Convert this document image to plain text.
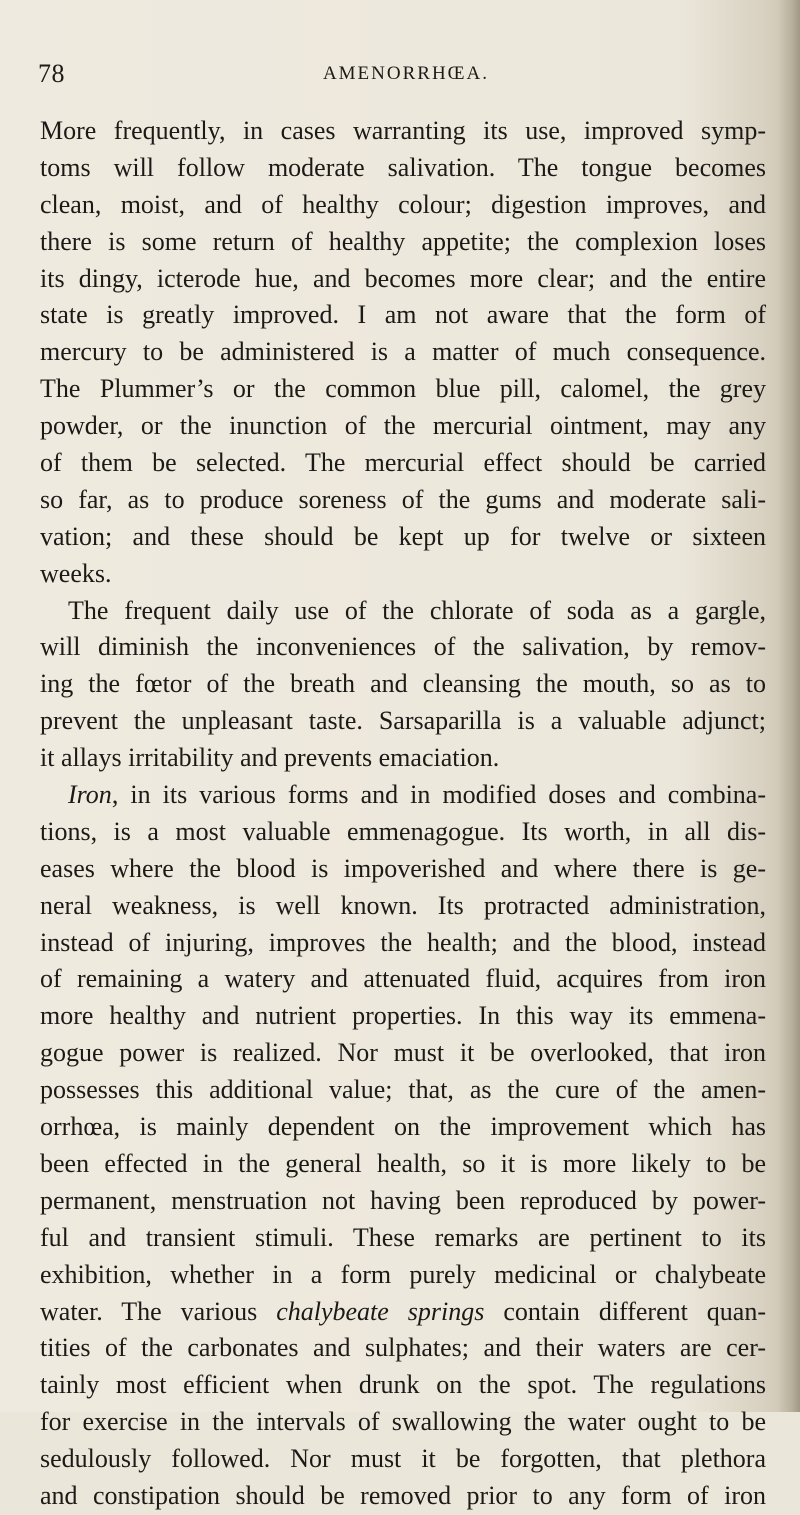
78	AMENORRHŒA.
More frequently, in cases warranting its use, improved symp-
toms will follow moderate salivation. The tongue becomes
clean, moist, and of healthy colour; digestion improves, and
there is some return of healthy appetite; the complexion loses
its dingy, icterode hue, and becomes more clear; and the entire
state is greatly improved. I am not aware that the form of
mercury to be administered is a matter of much consequence.
The Plummer’s or the common blue pill, calomel, the grey
powder, or the inunction of the mercurial ointment, may any
of them be selected. The mercurial effect should be carried
so far, as to produce soreness of the gums and moderate sali-
vation; and these should be kept up for twelve or sixteen
weeks.
The frequent daily use of the chlorate of soda as a gargle,
will diminish the inconveniences of the salivation, by remov-
ing the fœtor of the breath and cleansing the mouth, so as to
prevent the unpleasant taste. Sarsaparilla is a valuable adjunct;
it allays irritability and prevents emaciation.
Iron, in its various forms and in modified doses and combina-
tions, is a most valuable emmenagogue. Its worth, in all dis-
eases where the blood is impoverished and where there is ge-
neral weakness, is well known. Its protracted administration,
instead of injuring, improves the health; and the blood, instead
of remaining a watery and attenuated fluid, acquires from iron
more healthy and nutrient properties. In this way its emmena-
gogue power is realized. Nor must it be overlooked, that iron
possesses this additional value; that, as the cure of the amen-
orrhœa, is mainly dependent on the improvement which has
been effected in the general health, so it is more likely to be
permanent, menstruation not having been reproduced by power-
ful and transient stimuli. These remarks are pertinent to its
exhibition, whether in a form purely medicinal or chalybeate
water. The various chalybeate springs contain different quan-
tities of the carbonates and sulphates; and their waters are cer-
tainly most efficient when drunk on the spot. The regulations
for exercise in the intervals of swallowing the water ought to be
sedulously followed. Nor must it be forgotten, that plethora
and constipation should be removed prior to any form of iron
